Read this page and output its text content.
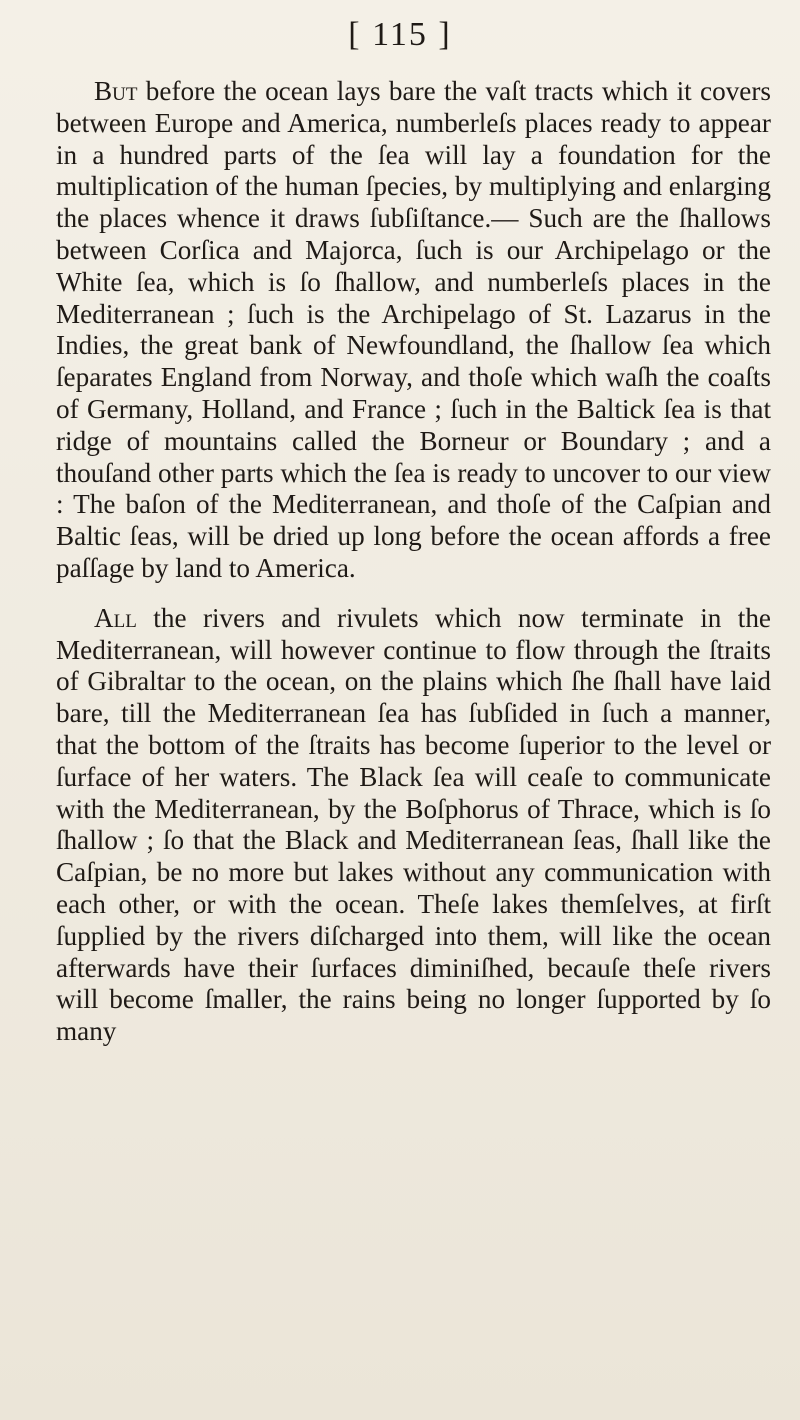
[ 115 ]

But before the ocean lays bare the vaſt tracts which it covers between Europe and America, numberleſs places ready to appear in a hundred parts of the ſea will lay a foundation for the multiplication of the human ſpecies, by multiplying and enlarging the places whence it draws ſubſiſtance.— Such are the ſhallows between Corſica and Majorca, ſuch is our Archipelago or the White ſea, which is ſo ſhallow, and numberleſs places in the Mediterranean ; ſuch is the Archipelago of St. Lazarus in the Indies, the great bank of Newfoundland, the ſhallow ſea which ſeparates England from Norway, and thoſe which waſh the coaſts of Germany, Holland, and France ; ſuch in the Baltick ſea is that ridge of mountains called the Borneur or Boundary ; and a thouſand other parts which the ſea is ready to uncover to our view : The baſon of the Mediterranean, and thoſe of the Caſpian and Baltic ſeas, will be dried up long before the ocean affords a free paſſage by land to America.

All the rivers and rivulets which now terminate in the Mediterranean, will however continue to flow through the ſtraits of Gibraltar to the ocean, on the plains which ſhe ſhall have laid bare, till the Mediterranean ſea has ſubſided in ſuch a manner, that the bottom of the ſtraits has become ſuperior to the level or ſurface of her waters. The Black ſea will ceaſe to communicate with the Mediterranean, by the Boſphorus of Thrace, which is ſo ſhallow ; ſo that the Black and Mediterranean ſeas, ſhall like the Caſpian, be no more but lakes without any communication with each other, or with the ocean. Theſe lakes themſelves, at firſt ſupplied by the rivers diſcharged into them, will like the ocean afterwards have their ſurfaces diminiſhed, becauſe theſe rivers will become ſmaller, the rains being no longer ſupported by ſo many
